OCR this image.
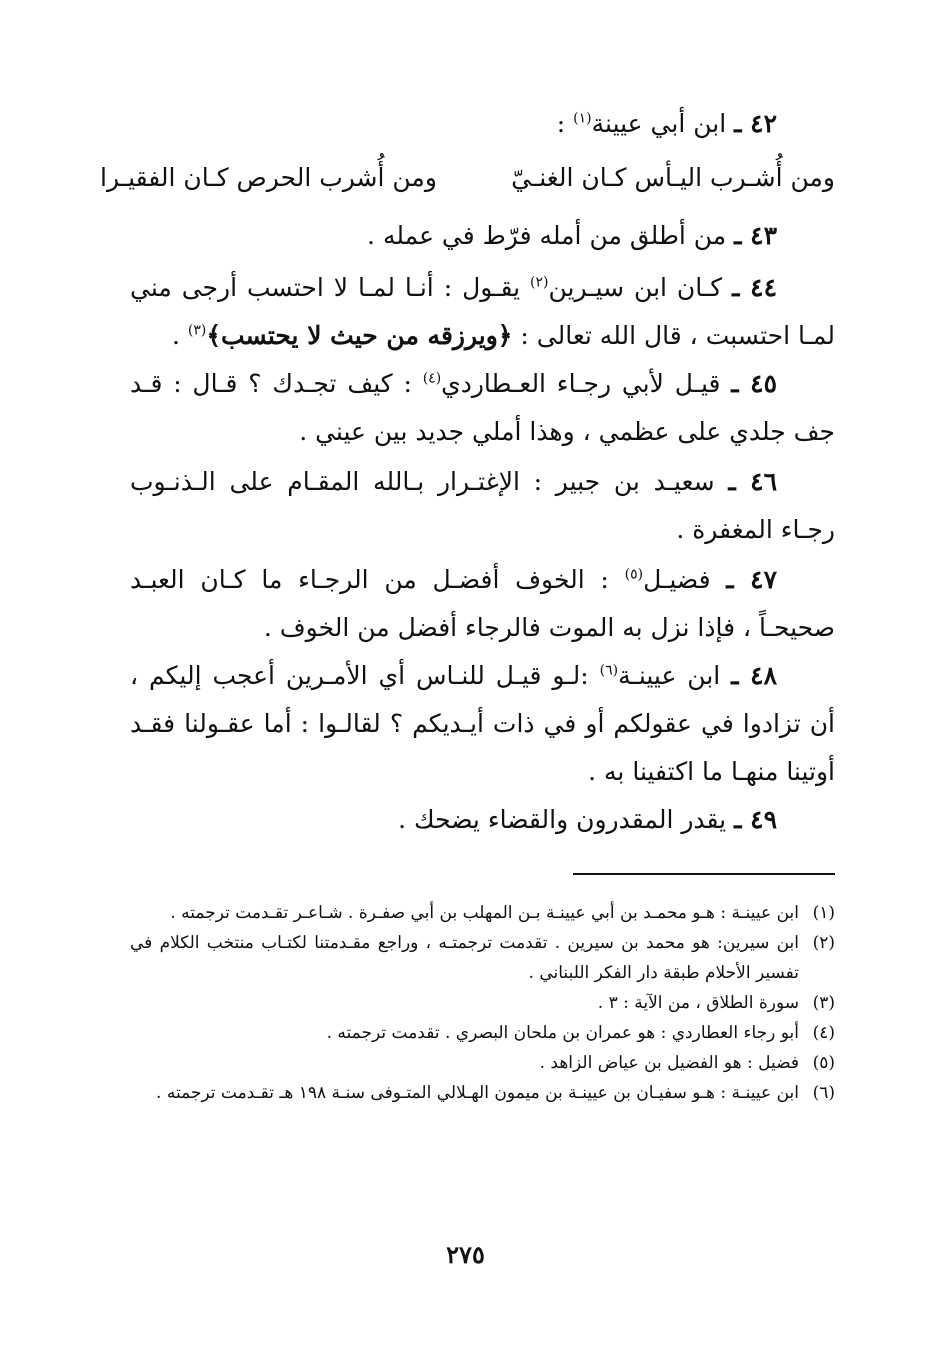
٤٢ ـ ابن أبي عيينة$^{(١)}$ :
ومن أُشـرب اليـأس كـان الغنـيّ
ومن أُشرب الحرص كـان الفقيـرا
٤٣ ـ من أطلق من أمله فرّط في عمله .
٤٤ ـ كـان ابن سيـرين$^{(٢)}$ يقـول : أنـا لمـا لا احتسب أرجى مني لمـا احتسبت ، قال الله تعالى : ﴿ويرزقه من حيث لا يحتسب﴾$^{(٣)}$ .
٤٥ ـ قيـل لأبي رجـاء العـطاردي$^{(٤)}$ : كيف تجـدك ؟ قـال : قـد جف جلدي على عظمي ، وهذا أملي جديد بين عيني .
٤٦ ـ سعيـد بن جبير : الإغتـرار بـالله المقـام على الـذنـوب رجـاء المغفرة .
٤٧ ـ فضيـل$^{(٥)}$ : الخوف أفضـل من الرجـاء ما كـان العبـد صحيحـاً ، فإذا نزل به الموت فالرجاء أفضل من الخوف .
٤٨ ـ ابن عيينـة$^{(٦)}$ :لـو قيـل للنـاس أي الأمـرين أعجب إليكم ، أن تزادوا في عقولكم أو في ذات أيـديكم ؟ لقالـوا : أما عقـولنا فقـد أوتينا منهـا ما اكتفينا به .
٤٩ ـ يقدر المقدرون والقضاء يضحك .
(١)
ابن عيينـة : هـو محمـد بن أبي عيينـة بـن المهلب بن أبي صفـرة . شـاعـر تقـدمت ترجمته .
(٢)
ابن سيرين: هو محمد بن سيرين . تقدمت ترجمتـه ، وراجع مقـدمتنا لكتـاب منتخب الكلام في تفسير الأحلام طبقة دار الفكر اللبناني .
(٣)
سورة الطلاق ، من الآية : ٣ .
(٤)
أبو رجاء العطاردي : هو عمران بن ملحان البصري . تقدمت ترجمته .
(٥)
فضيل : هو الفضيل بن عياض الزاهد .
(٦)
ابن عيينـة : هـو سفيـان بن عيينـة بن ميمون الهـلالي المتـوفى سنـة ١٩٨ هـ تقـدمت ترجمته .
٢٧٥
